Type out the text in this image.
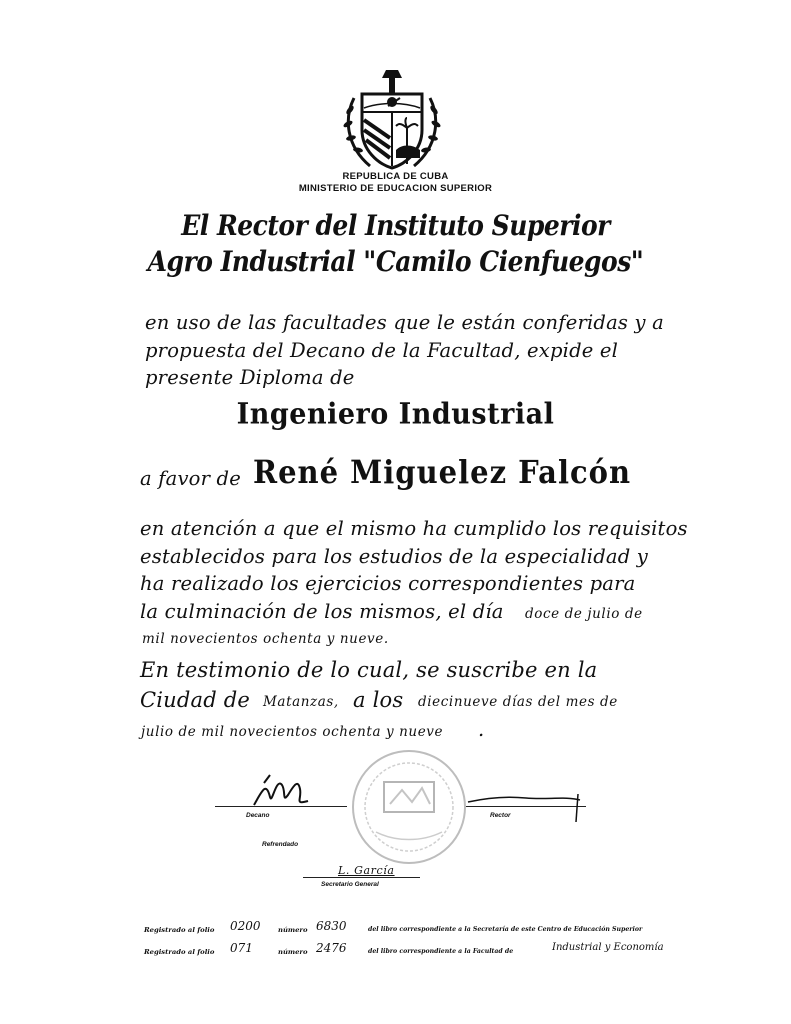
REPUBLICA DE CUBA
MINISTERIO DE EDUCACION SUPERIOR
El Rector del Instituto Superior
Agro Industrial "Camilo Cienfuegos"
en uso de las facultades que le están conferidas y a
propuesta del Decano de la Facultad, expide el
presente Diploma de
Ingeniero Industrial
a favor de René Miguelez Falcón
en atención a que el mismo ha cumplido los requisitos
establecidos para los estudios de la especialidad y
ha realizado los ejercicios correspondientes para
la culminación de los mismos, el día doce de julio de
mil novecientos ochenta y nueve.
En testimonio de lo cual, se suscribe en la
Ciudad de Matanzas, a los diecinueve días del mes de
julio de mil novecientos ochenta y nueve .
Decano	Rector
Refrendado
L. García
Secretario General
Registrado al folio 0200	número 6830	del libro correspondiente a la Secretaría de este Centro de Educación Superior
Registrado al folio 071	número 2476	del libro correspondiente a la Facultad de	Industrial y Economía
